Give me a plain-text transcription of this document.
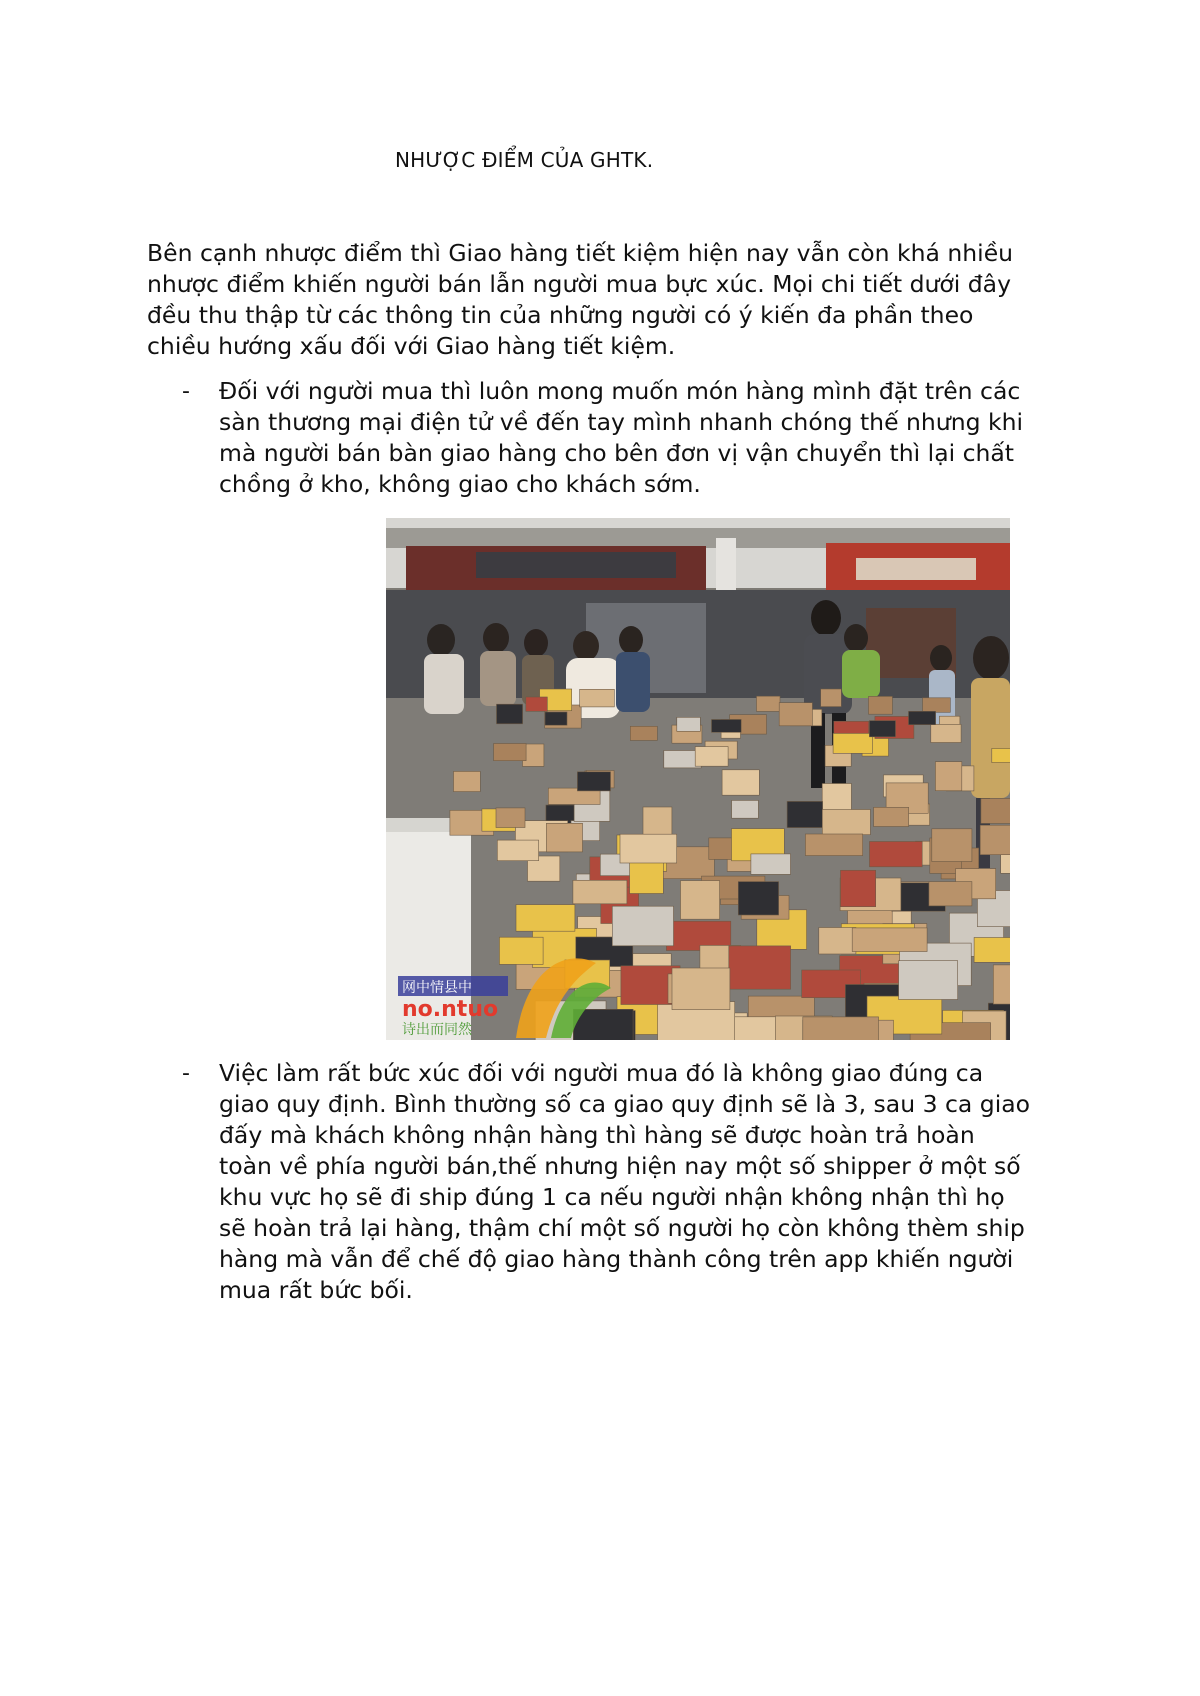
NHƯỢC ĐIỂM CỦA GHTK.
Bên cạnh nhược điểm thì Giao hàng tiết kiệm hiện nay vẫn còn khá nhiều
nhược điểm khiến người bán lẫn người mua bực xúc. Mọi chi tiết dưới đây
đều thu thập từ các thông tin của những người có ý kiến đa phần theo
chiều hướng xấu đối với Giao hàng tiết kiệm.
- Đối với người mua thì luôn mong muốn món hàng mình đặt trên các
sàn thương mại điện tử về đến tay mình nhanh chóng thế nhưng khi
mà người bán bàn giao hàng cho bên đơn vị vận chuyển thì lại chất
chồng ở kho, không giao cho khách sớm.
网中情县中
no.ntuo
诗出而同然
- Việc làm rất bức xúc đối với người mua đó là không giao đúng ca
giao quy định. Bình thường số ca giao quy định sẽ là 3, sau 3 ca giao
đấy mà khách không nhận hàng thì hàng sẽ được hoàn trả hoàn
toàn về phía người bán,thế nhưng hiện nay một số shipper ở một số
khu vực họ sẽ đi ship đúng 1 ca nếu người nhận không nhận thì họ
sẽ hoàn trả lại hàng, thậm chí một số người họ còn không thèm ship
hàng mà vẫn để chế độ giao hàng thành công trên app khiến người
mua rất bức bối.
